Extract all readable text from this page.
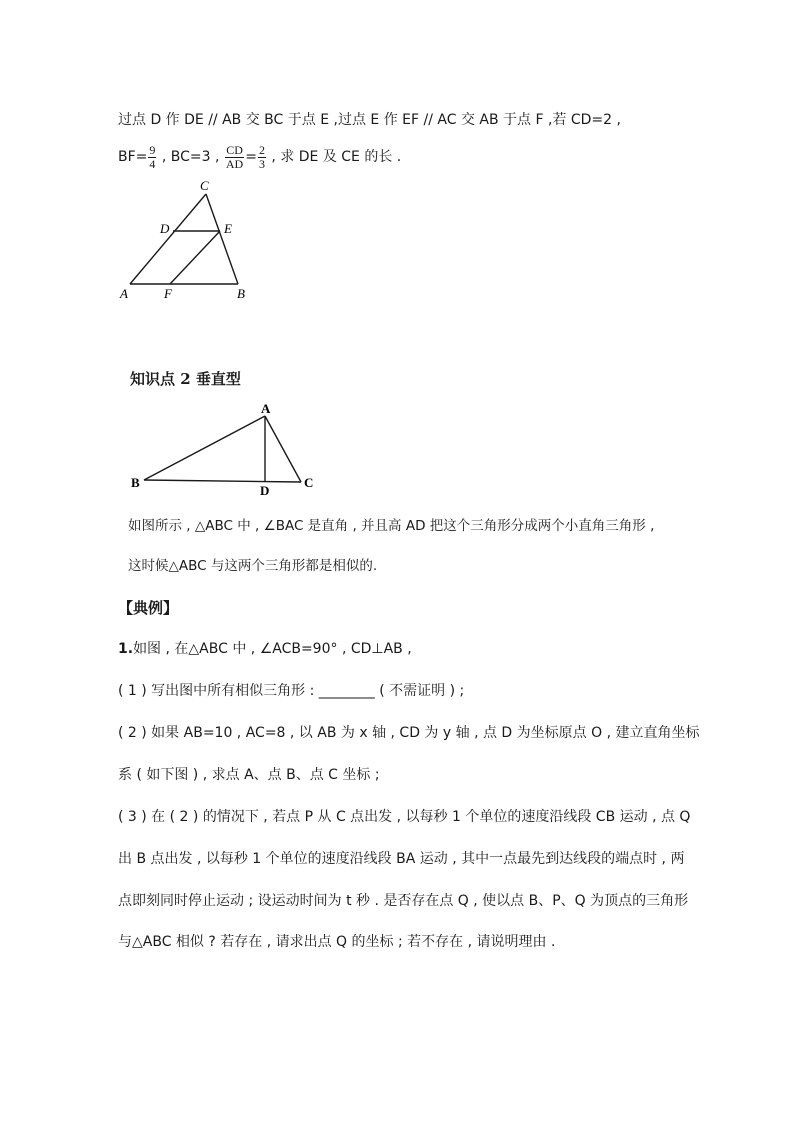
过点 D 作 DE // AB 交 BC 于点 E ,过点 E 作 EF // AC 交 AB 于点 F ,若 CD=2 ,
$BF= \frac{9}{4}$ , BC=3 , $\frac{CD}{AD} = \frac{2}{3}$ , 求 DE 及 CE 的长 .
C
D	E
A	F	B
知识点 2 垂直型
A
B
D
C
如图所示 , △ABC 中 , ∠BAC 是直角 , 并且高 AD 把这个三角形分成两个小直角三角形 ,
这时候△ABC 与这两个三角形都是相似的.
【典例】
1.如图 , 在△ABC 中 , ∠ACB=90° , CD⊥AB ,
( 1 ) 写出图中所有相似三角形 : ________ ( 不需证明 ) ;
( 2 ) 如果 AB=10 , AC=8 , 以 AB 为 x 轴 , CD 为 y 轴 , 点 D 为坐标原点 O , 建立直角坐标
系 ( 如下图 ) , 求点 A、点 B、点 C 坐标 ;
( 3 ) 在 ( 2 ) 的情况下 , 若点 P 从 C 点出发 , 以每秒 1 个单位的速度沿线段 CB 运动 , 点 Q
出 B 点出发 , 以每秒 1 个单位的速度沿线段 BA 运动 , 其中一点最先到达线段的端点时 , 两
点即刻同时停止运动 ; 设运动时间为 t 秒 . 是否存在点 Q , 使以点 B、P、Q 为顶点的三角形
与△ABC 相似 ? 若存在 , 请求出点 Q 的坐标 ; 若不存在 , 请说明理由 .
